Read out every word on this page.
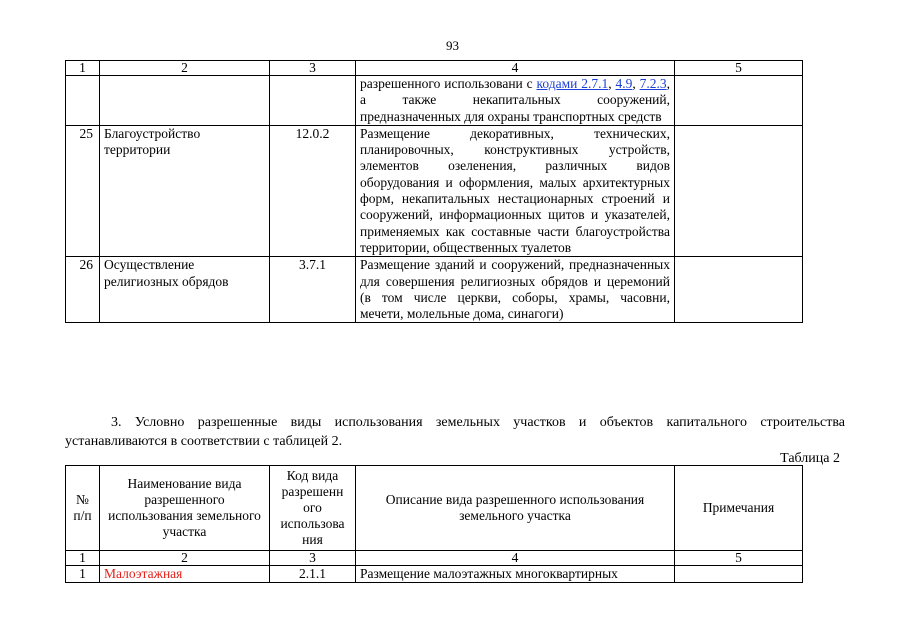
93
1	2	3	4	5
			разрешенного использовани с кодами 2.7.1, 4.9, 7.2.3, а также некапитальных сооружений, предназначенных для охраны транспортных средств	
25	Благоустройство территории	12.0.2	Размещение декоративных, технических, планировочных, конструктивных устройств, элементов озеленения, различных видов оборудования и оформления, малых архитектурных форм, некапитальных нестационарных строений и сооружений, информационных щитов и указателей, применяемых как составные части благоустройства территории, общественных туалетов	
26	Осуществление религиозных обрядов	3.7.1	Размещение зданий и сооружений, предназначенных для совершения религиозных обрядов и церемоний (в том числе церкви, соборы, храмы, часовни, мечети, молельные дома, синагоги)	
3. Условно разрешенные виды использования земельных участков и объектов капитального строительства устанавливаются в соответствии с таблицей 2.
Таблица 2
№ п/п	Наименование вида разрешенного использования земельного участка	Код вида разрешенн ого использова ния	Описание вида разрешенного использования земельного участка	Примечания
1	2	3	4	5
1	Малоэтажная	2.1.1	Размещение малоэтажных многоквартирных	
